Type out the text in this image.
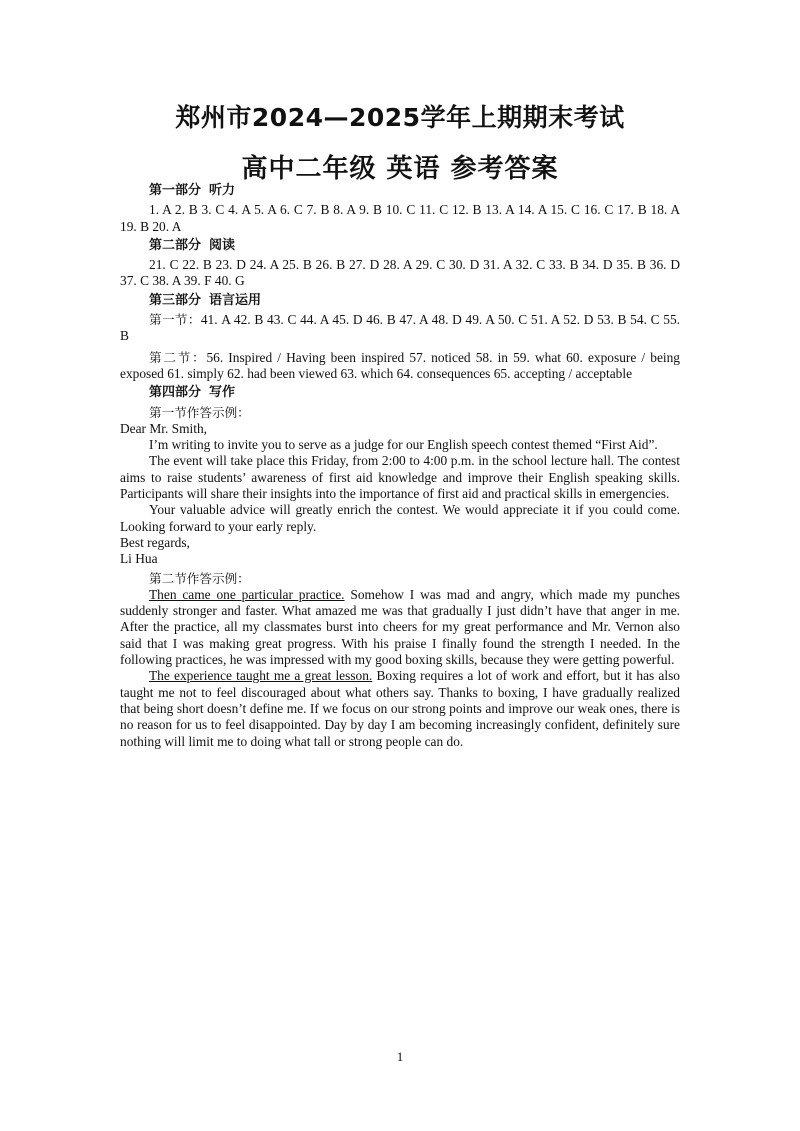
郑州市2024—2025学年上期期末考试
高中二年级 英语 参考答案

第一部分 听力

1. A 2. B 3. C 4. A 5. A 6. C 7. B 8. A 9. B 10. C 11. C 12. B 13. A 14. A 15. C 16. C 17. B 18. A 19. B 20. A

第二部分 阅读

21. C 22. B 23. D 24. A 25. B 26. B 27. D 28. A 29. C 30. D 31. A 32. C 33. B 34. D 35. B 36. D 37. C 38. A 39. F 40. G

第三部分 语言运用

第一节：41. A 42. B 43. C 44. A 45. D 46. B 47. A 48. D 49. A 50. C 51. A 52. D 53. B 54. C 55. B

第二节：56. Inspired / Having been inspired 57. noticed 58. in 59. what 60. exposure / being exposed 61. simply 62. had been viewed 63. which 64. consequences 65. accepting / acceptable

第四部分 写作

第一节作答示例：

Dear Mr. Smith,

I’m writing to invite you to serve as a judge for our English speech contest themed “First Aid”.

The event will take place this Friday, from 2:00 to 4:00 p.m. in the school lecture hall. The contest aims to raise students’ awareness of first aid knowledge and improve their English speaking skills. Participants will share their insights into the importance of first aid and practical skills in emergencies.

Your valuable advice will greatly enrich the contest. We would appreciate it if you could come. Looking forward to your early reply.

Best regards,

Li Hua

第二节作答示例：

Then came one particular practice. Somehow I was mad and angry, which made my punches suddenly stronger and faster. What amazed me was that gradually I just didn’t have that anger in me. After the practice, all my classmates burst into cheers for my great performance and Mr. Vernon also said that I was making great progress. With his praise I finally found the strength I needed. In the following practices, he was impressed with my good boxing skills, because they were getting powerful.

The experience taught me a great lesson. Boxing requires a lot of work and effort, but it has also taught me not to feel discouraged about what others say. Thanks to boxing, I have gradually realized that being short doesn’t define me. If we focus on our strong points and improve our weak ones, there is no reason for us to feel disappointed. Day by day I am becoming increasingly confident, definitely sure nothing will limit me to doing what tall or strong people can do.

1
